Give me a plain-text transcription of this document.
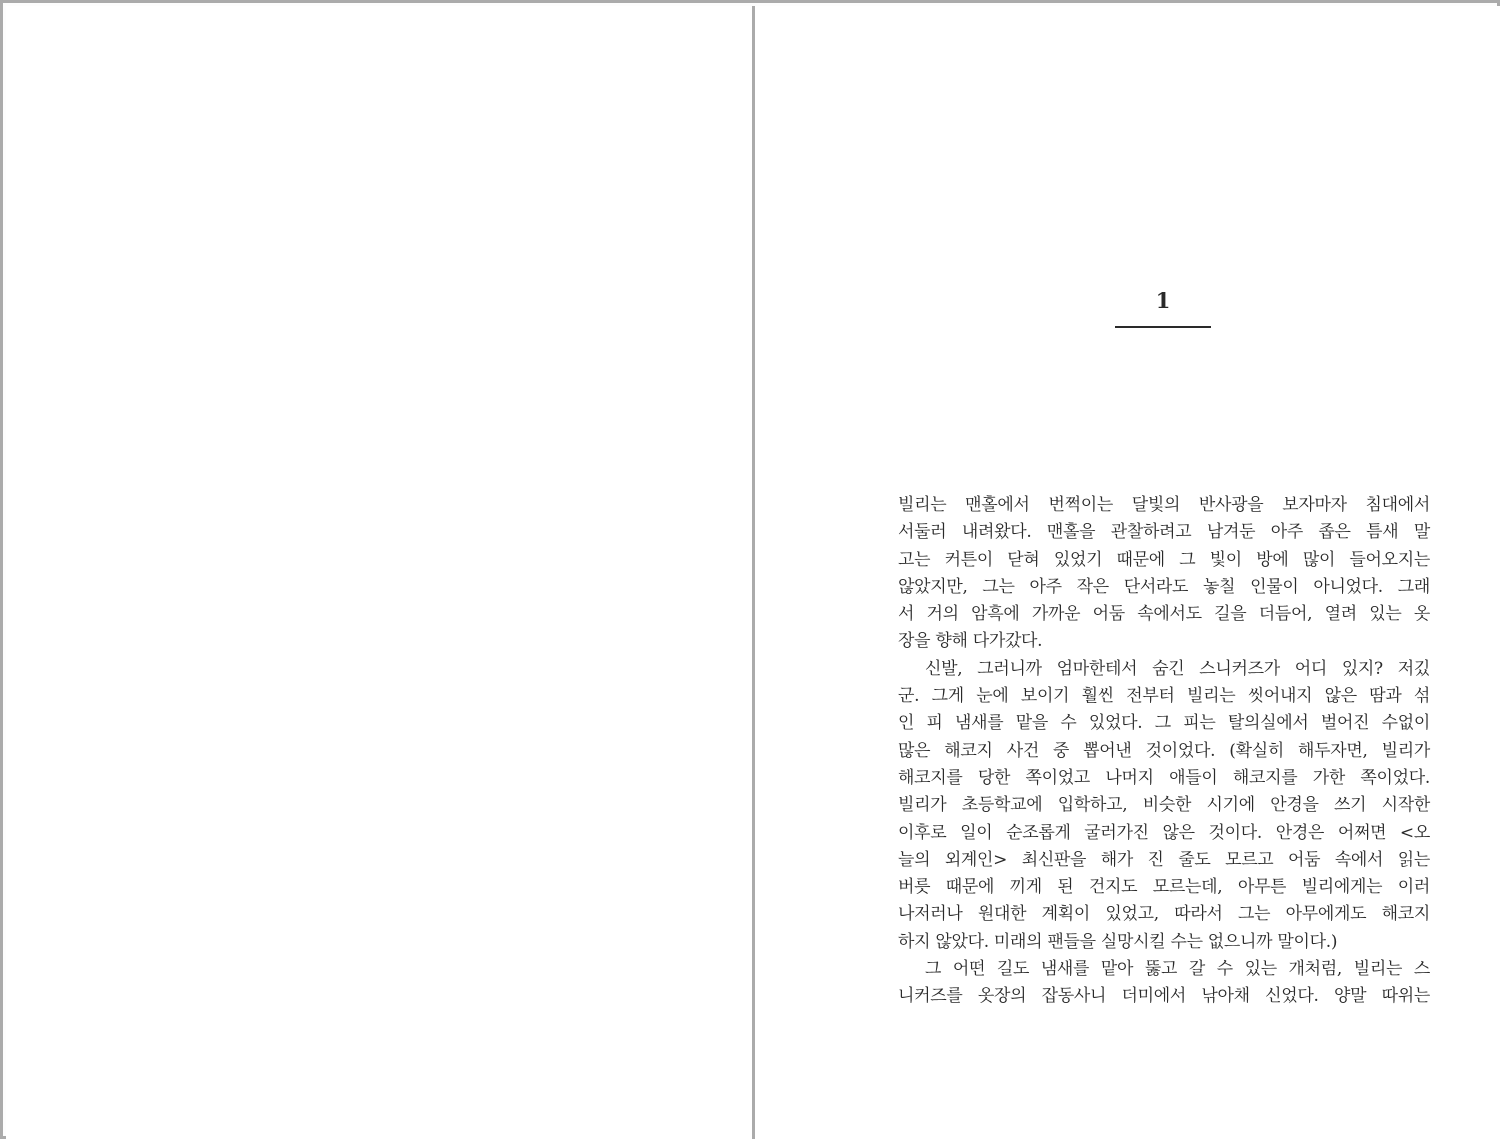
1

빌리는 맨홀에서 번쩍이는 달빛의 반사광을 보자마자 침대에서

서둘러 내려왔다. 맨홀을 관찰하려고 남겨둔 아주 좁은 틈새 말

고는 커튼이 닫혀 있었기 때문에 그 빛이 방에 많이 들어오지는

않았지만, 그는 아주 작은 단서라도 놓칠 인물이 아니었다. 그래

서 거의 암흑에 가까운 어둠 속에서도 길을 더듬어, 열려 있는 옷

장을 향해 다가갔다.

신발, 그러니까 엄마한테서 숨긴 스니커즈가 어디 있지? 저깄

군. 그게 눈에 보이기 훨씬 전부터 빌리는 씻어내지 않은 땀과 섞

인 피 냄새를 맡을 수 있었다. 그 피는 탈의실에서 벌어진 수없이

많은 해코지 사건 중 뽑어낸 것이었다. (확실히 해두자면, 빌리가

해코지를 당한 쪽이었고 나머지 애들이 해코지를 가한 쪽이었다.

빌리가 초등학교에 입학하고, 비슷한 시기에 안경을 쓰기 시작한

이후로 일이 순조롭게 굴러가진 않은 것이다. 안경은 어쩌면 <오

늘의 외계인> 최신판을 해가 진 줄도 모르고 어둠 속에서 읽는

버릇 때문에 끼게 된 건지도 모르는데, 아무튼 빌리에게는 이러

나저러나 원대한 계획이 있었고, 따라서 그는 아무에게도 해코지

하지 않았다. 미래의 팬들을 실망시킬 수는 없으니까 말이다.)

그 어떤 길도 냄새를 맡아 뚫고 갈 수 있는 개처럼, 빌리는 스

니커즈를 옷장의 잡동사니 더미에서 낚아채 신었다. 양말 따위는
